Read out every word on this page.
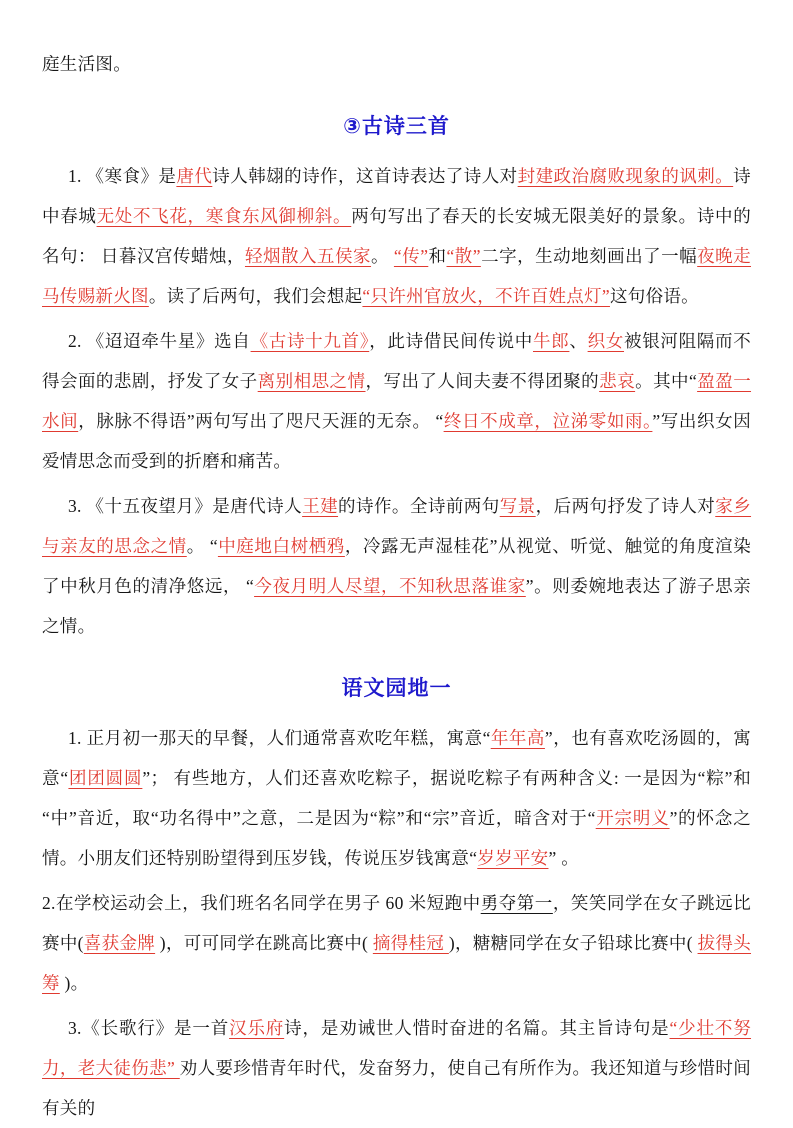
庭生活图。

③古诗三首

1. 《寒食》是唐代诗人韩翃的诗作，这首诗表达了诗人对封建政治腐败现象的讽刺。诗中春城无处不飞花，寒食东风御柳斜。两句写出了春天的长安城无限美好的景象。诗中的名句： 日暮汉宫传蜡烛，轻烟散入五侯家。 “传”和“散”二字，生动地刻画出了一幅夜晚走马传赐新火图。读了后两句，我们会想起“只许州官放火，不许百姓点灯”这句俗语。

2. 《迢迢牵牛星》选自《古诗十九首》，此诗借民间传说中牛郎、织女被银河阻隔而不得会面的悲剧，抒发了女子离别相思之情，写出了人间夫妻不得团聚的悲哀。其中“盈盈一水间，脉脉不得语”两句写出了咫尺天涯的无奈。 “终日不成章，泣涕零如雨。”写出织女因爱情思念而受到的折磨和痛苦。

3. 《十五夜望月》是唐代诗人王建的诗作。全诗前两句写景，后两句抒发了诗人对家乡与亲友的思念之情。 “中庭地白树栖鸦，冷露无声湿桂花”从视觉、听觉、触觉的角度渲染了中秋月色的清净悠远， “今夜月明人尽望，不知秋思落谁家”。则委婉地表达了游子思亲之情。

语文园地一

1. 正月初一那天的早餐，人们通常喜欢吃年糕，寓意“年年高”，也有喜欢吃汤圆的，寓意“团团圆圆”； 有些地方，人们还喜欢吃粽子，据说吃粽子有两种含义: 一是因为“粽”和“中”音近，取“功名得中”之意，二是因为“粽”和“宗”音近，暗含对于“开宗明义”的怀念之情。小朋友们还特别盼望得到压岁钱，传说压岁钱寓意“岁岁平安” 。

2.在学校运动会上，我们班名名同学在男子 60 米短跑中勇夺第一，笑笑同学在女子跳远比赛中(喜获金牌 )，可可同学在跳高比赛中( 摘得桂冠 )，糖糖同学在女子铅球比赛中( 拔得头筹 )。

3.《长歌行》是一首汉乐府诗，是劝诫世人惜时奋进的名篇。其主旨诗句是“少壮不努力，老大徒伤悲” 劝人要珍惜青年时代，发奋努力，使自己有所作为。我还知道与珍惜时间有关的
